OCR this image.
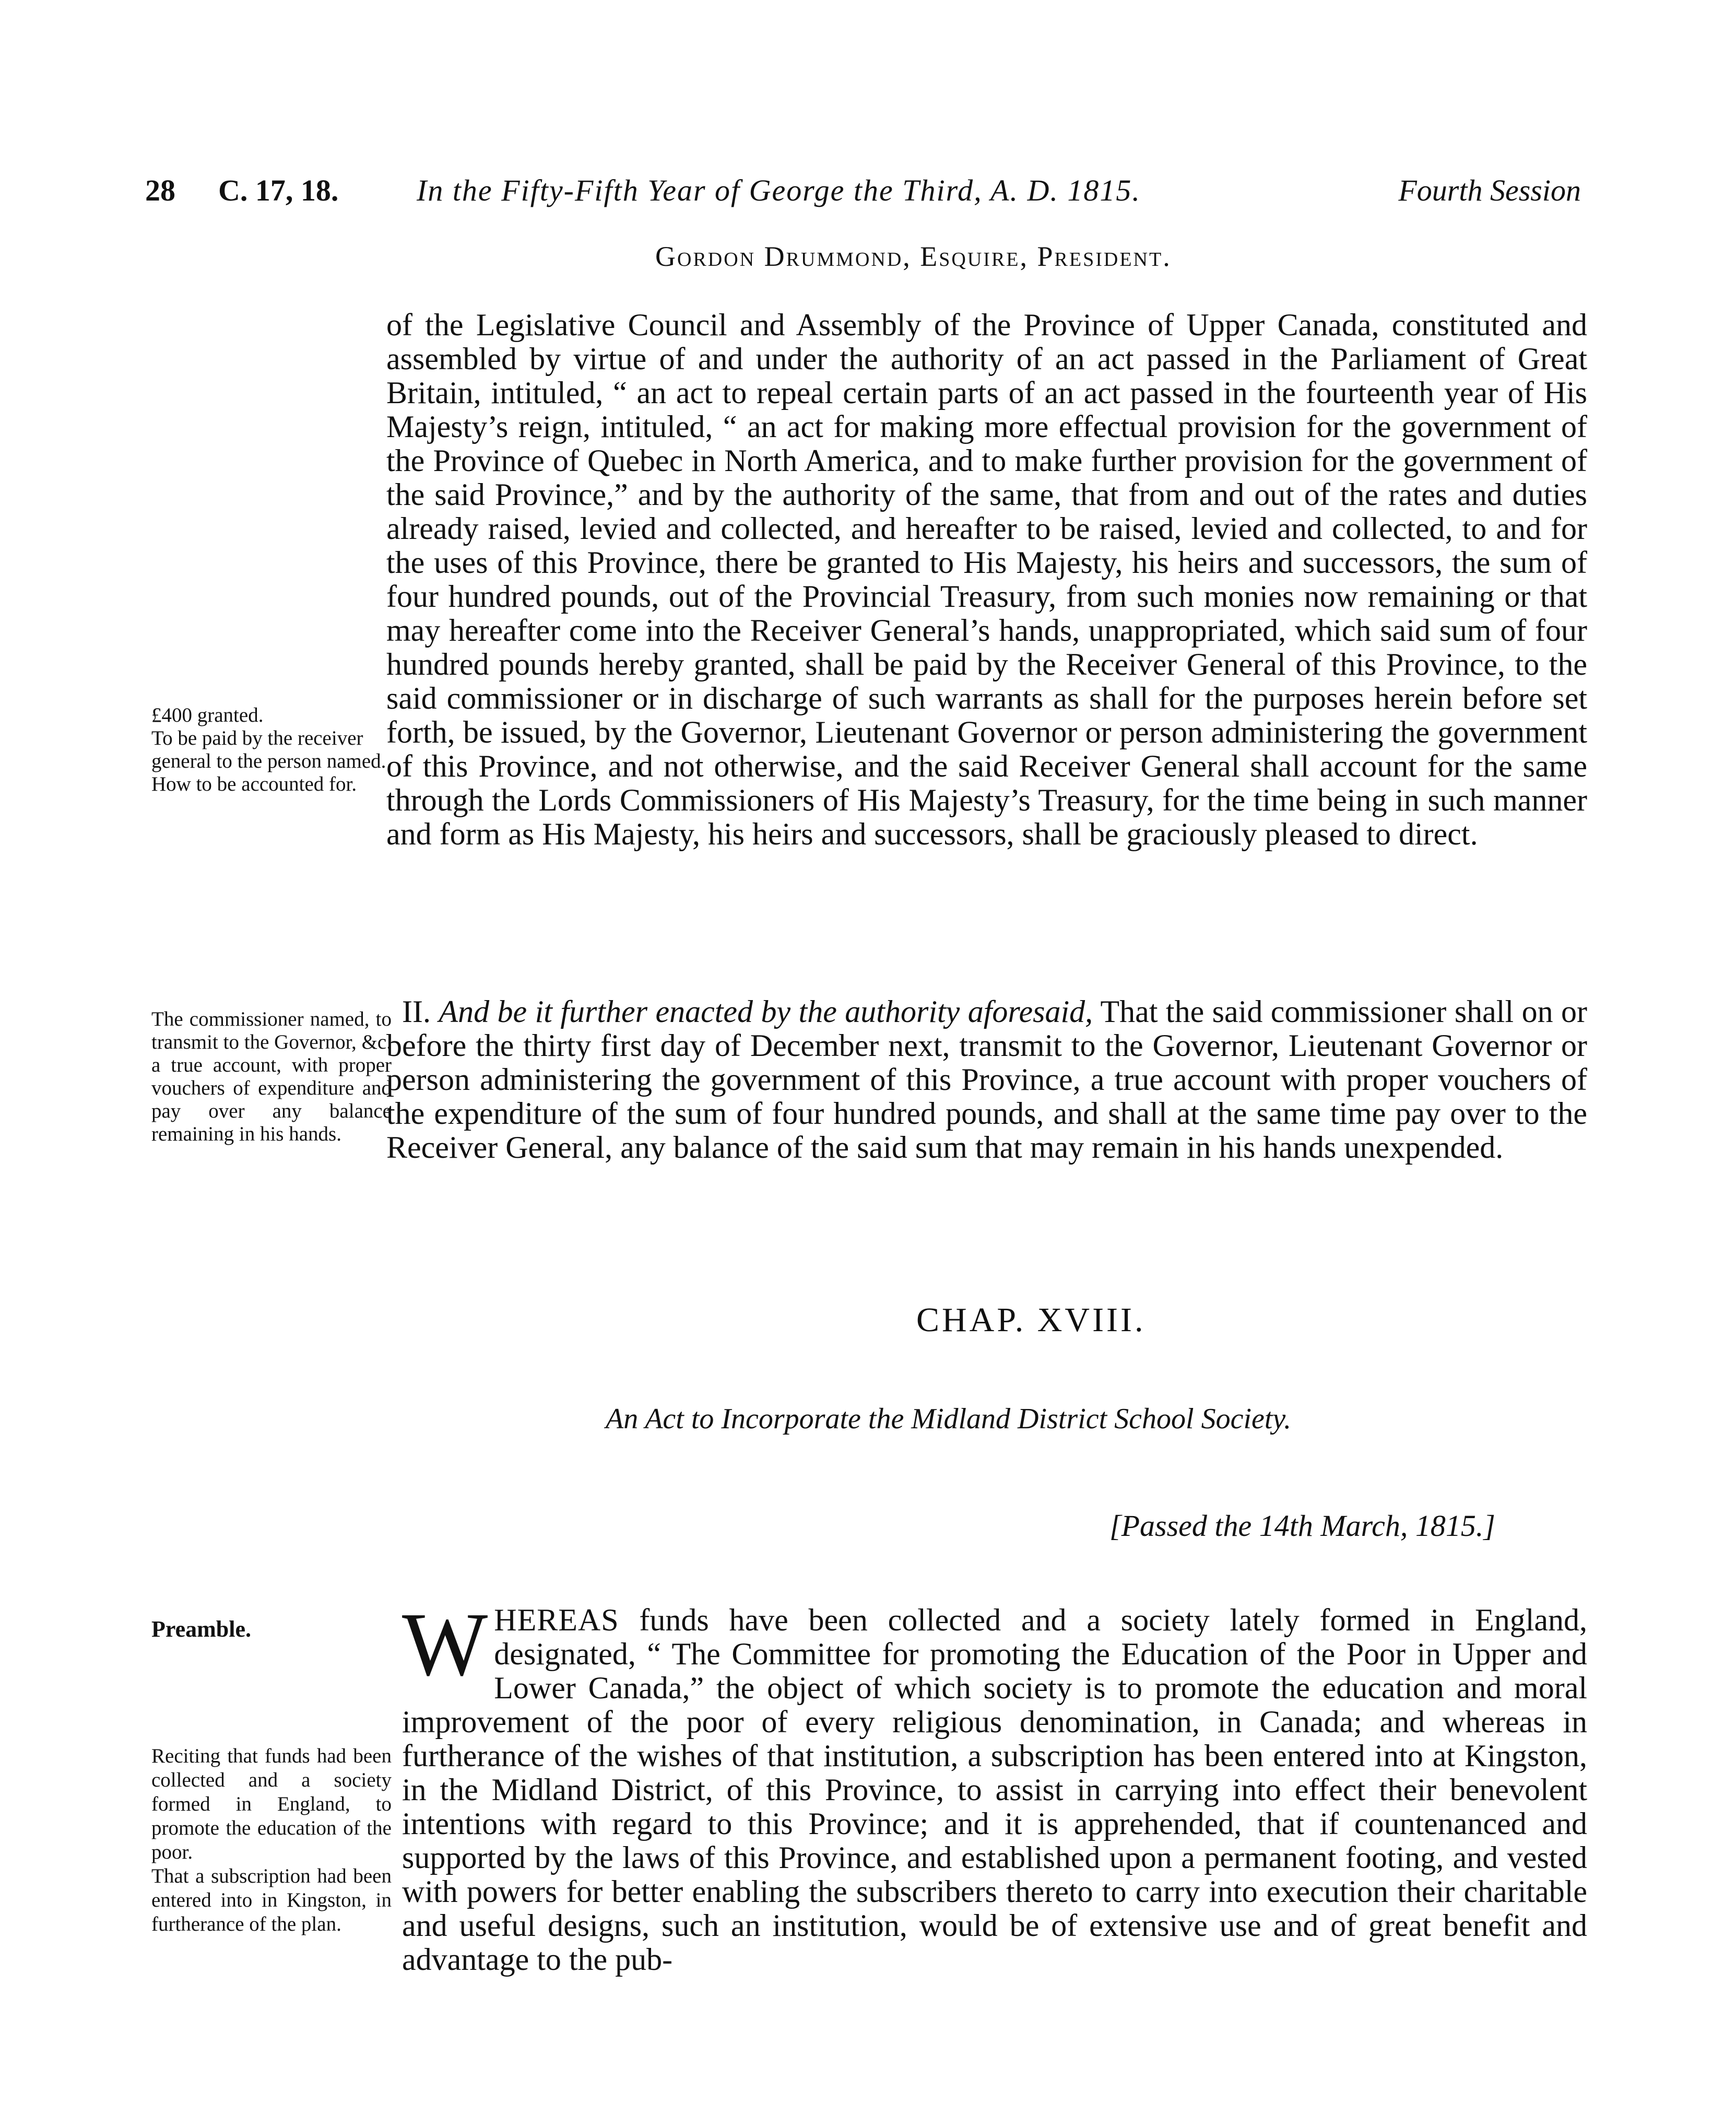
28 C. 17, 18.	In the Fifty-Fifth Year of George the Third, A. D. 1815.	Fourth Session
Gordon Drummond, Esquire, President.
of the Legislative Council and Assembly of the Province of Upper Canada, constituted and assembled by virtue of and under the authority of an act passed in the Parliament of Great Britain, intituled, “ an act to repeal certain parts of an act passed in the fourteenth year of His Majesty’s reign, intituled, “ an act for making more effectual provision for the government of the Province of Quebec in North America, and to make further provision for the government of the said Province,” and by the authority of the same, that from and out of the rates and duties already raised, levied and collected, and hereafter to be raised, levied and collected, to and for the uses of this Province, there be granted to His Majesty, his heirs and successors, the sum of four hundred pounds, out of the Provincial Treasury, from such monies now remaining or that may hereafter come into the Receiver General’s hands, unappropriated, which said sum of four hundred pounds hereby granted, shall be paid by the Receiver General of this Province, to the said commissioner or in discharge of such warrants as shall for the purposes herein before set forth, be issued, by the Governor, Lieutenant Governor or person administering the government of this Province, and not otherwise, and the said Receiver General shall account for the same through the Lords Commissioners of His Majesty’s Treasury, for the time being in such manner and form as His Majesty, his heirs and successors, shall be graciously pleased to direct.
£400 granted.
To be paid by the receiver general to the person named.
How to be accounted for.
II. And be it further enacted by the authority aforesaid, That the said commissioner shall on or before the thirty first day of December next, transmit to the Governor, Lieutenant Governor or person administering the government of this Province, a true account with proper vouchers of the expenditure of the sum of four hundred pounds, and shall at the same time pay over to the Receiver General, any balance of the said sum that may remain in his hands unexpended.
The commissioner named, to transmit to the Governor, &c. a true account, with proper vouchers of expenditure and pay over any balance remaining in his hands.
CHAP. XVIII.
An Act to Incorporate the Midland District School Society.
[Passed the 14th March, 1815.]
Preamble.	W HEREAS funds have been collected and a society lately formed in England, designated, “ The Committee for promoting the Education of the Poor in Upper and Lower Canada,” the object of which society is to promote the education and moral improvement of the poor of every religious denomination, in Canada; and whereas in furtherance of the wishes of that institution, a subscription has been entered into at Kingston, in the Midland District, of this Province, to assist in carrying into effect their benevolent intentions with regard to this Province; and it is apprehended, that if countenanced and supported by the laws of this Province, and established upon a permanent footing, and vested with powers for better enabling the subscribers thereto to carry into execution their charitable and useful designs, such an institution, would be of extensive use and of great benefit and advantage to the pub-
Reciting that funds had been collected and a society formed in England, to promote the education of the poor.
That a subscription had been entered into in Kingston, in furtherance of the plan.
